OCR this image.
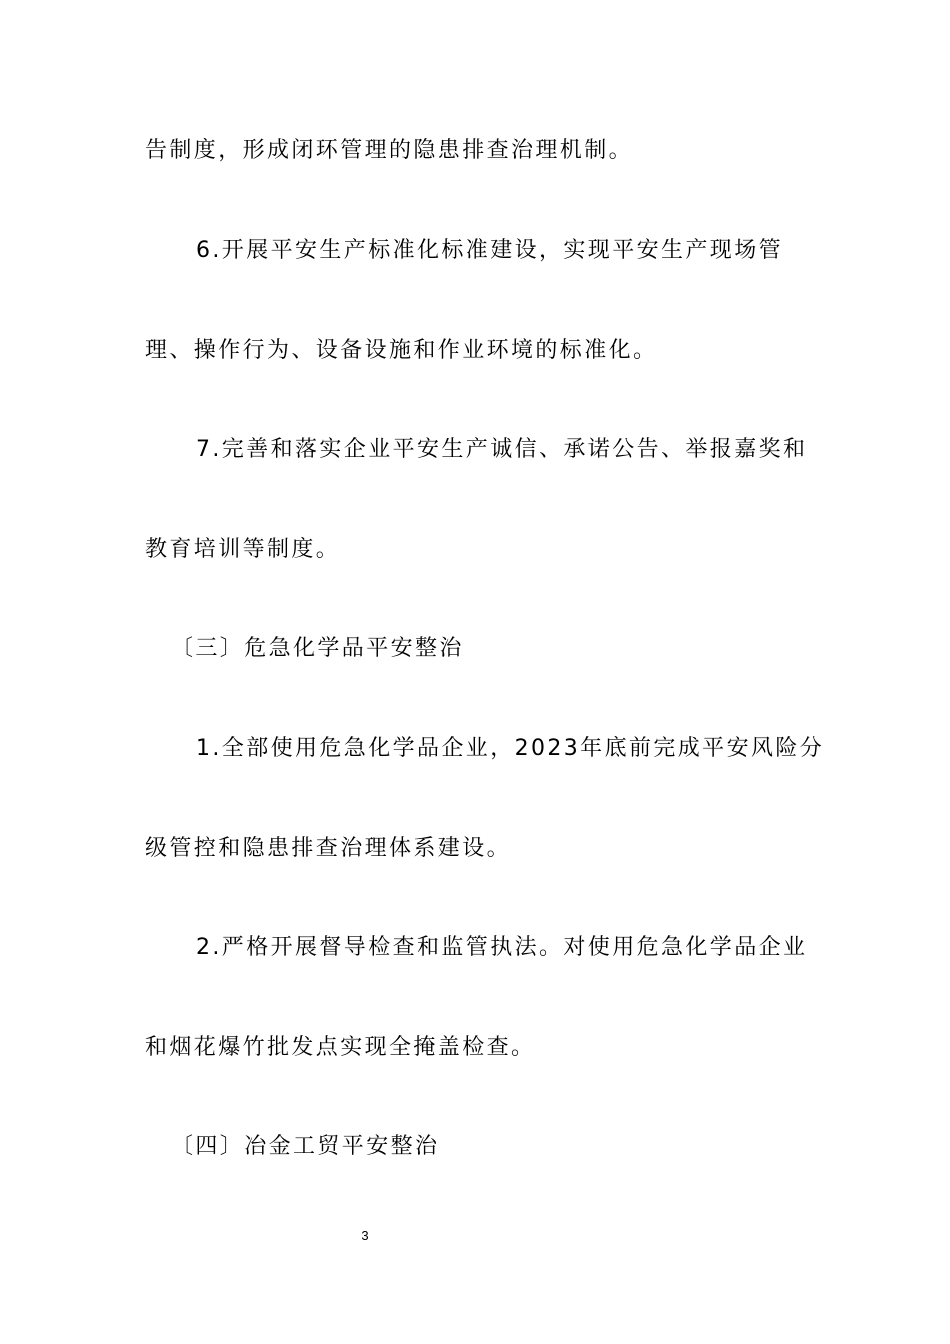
告制度，形成闭环管理的隐患排查治理机制。
6.开展平安生产标准化标准建设，实现平安生产现场管
理、操作行为、设备设施和作业环境的标准化。
7.完善和落实企业平安生产诚信、承诺公告、举报嘉奖和
教育培训等制度。
〔三〕危急化学品平安整治
1.全部使用危急化学品企业，2023年底前完成平安风险分
级管控和隐患排查治理体系建设。
2.严格开展督导检查和监管执法。对使用危急化学品企业
和烟花爆竹批发点实现全掩盖检查。
〔四〕冶金工贸平安整治
3
